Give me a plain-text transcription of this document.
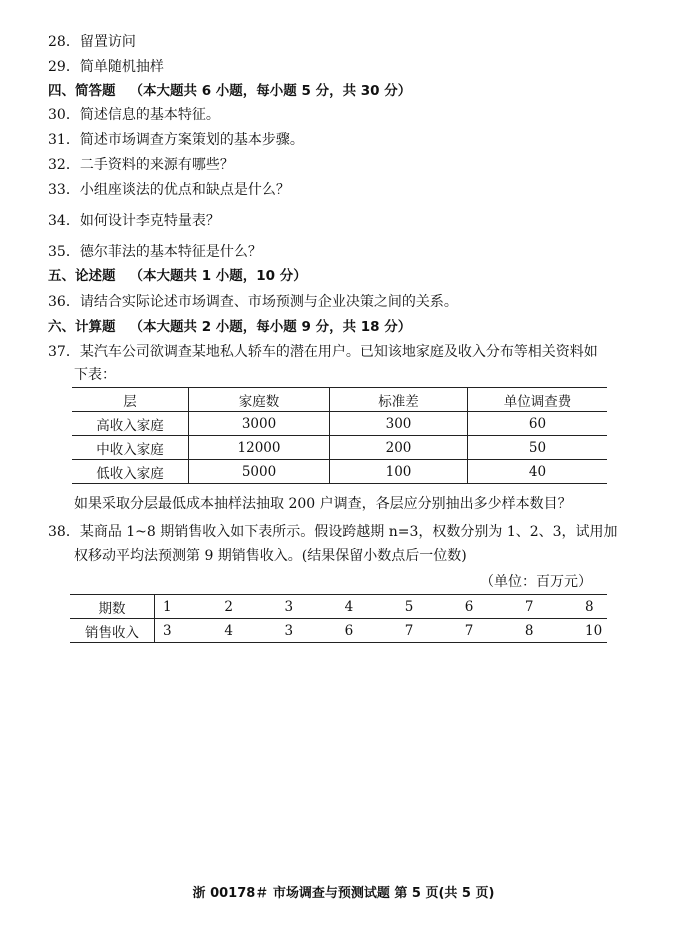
28．留置访问
29．简单随机抽样
四、简答题 （本大题共 6 小题，每小题 5 分，共 30 分）
30．简述信息的基本特征。
31．简述市场调查方案策划的基本步骤。
32．二手资料的来源有哪些？
33．小组座谈法的优点和缺点是什么？
34．如何设计李克特量表？
35．德尔菲法的基本特征是什么？
五、论述题 （本大题共 1 小题，10 分）
36．请结合实际论述市场调查、市场预测与企业决策之间的关系。
六、计算题 （本大题共 2 小题，每小题 9 分，共 18 分）
37．某汽车公司欲调查某地私人轿车的潜在用户。已知该地家庭及收入分布等相关资料如
下表：
层	家庭数	标准差	单位调查费
高收入家庭	3000	300	60
中收入家庭	12000	200	50
低收入家庭	5000	100	40
如果采取分层最低成本抽样法抽取 200 户调查，各层应分别抽出多少样本数目？
38．某商品 1~8 期销售收入如下表所示。假设跨越期 n=3，权数分别为 1、2、3，试用加
权移动平均法预测第 9 期销售收入。(结果保留小数点后一位数)
（单位：百万元）
期数	1	2	3	4	5	6	7	8
销售收入	3	4	3	6	7	7	8	10
浙 00178＃ 市场调查与预测试题 第 5 页(共 5 页)
